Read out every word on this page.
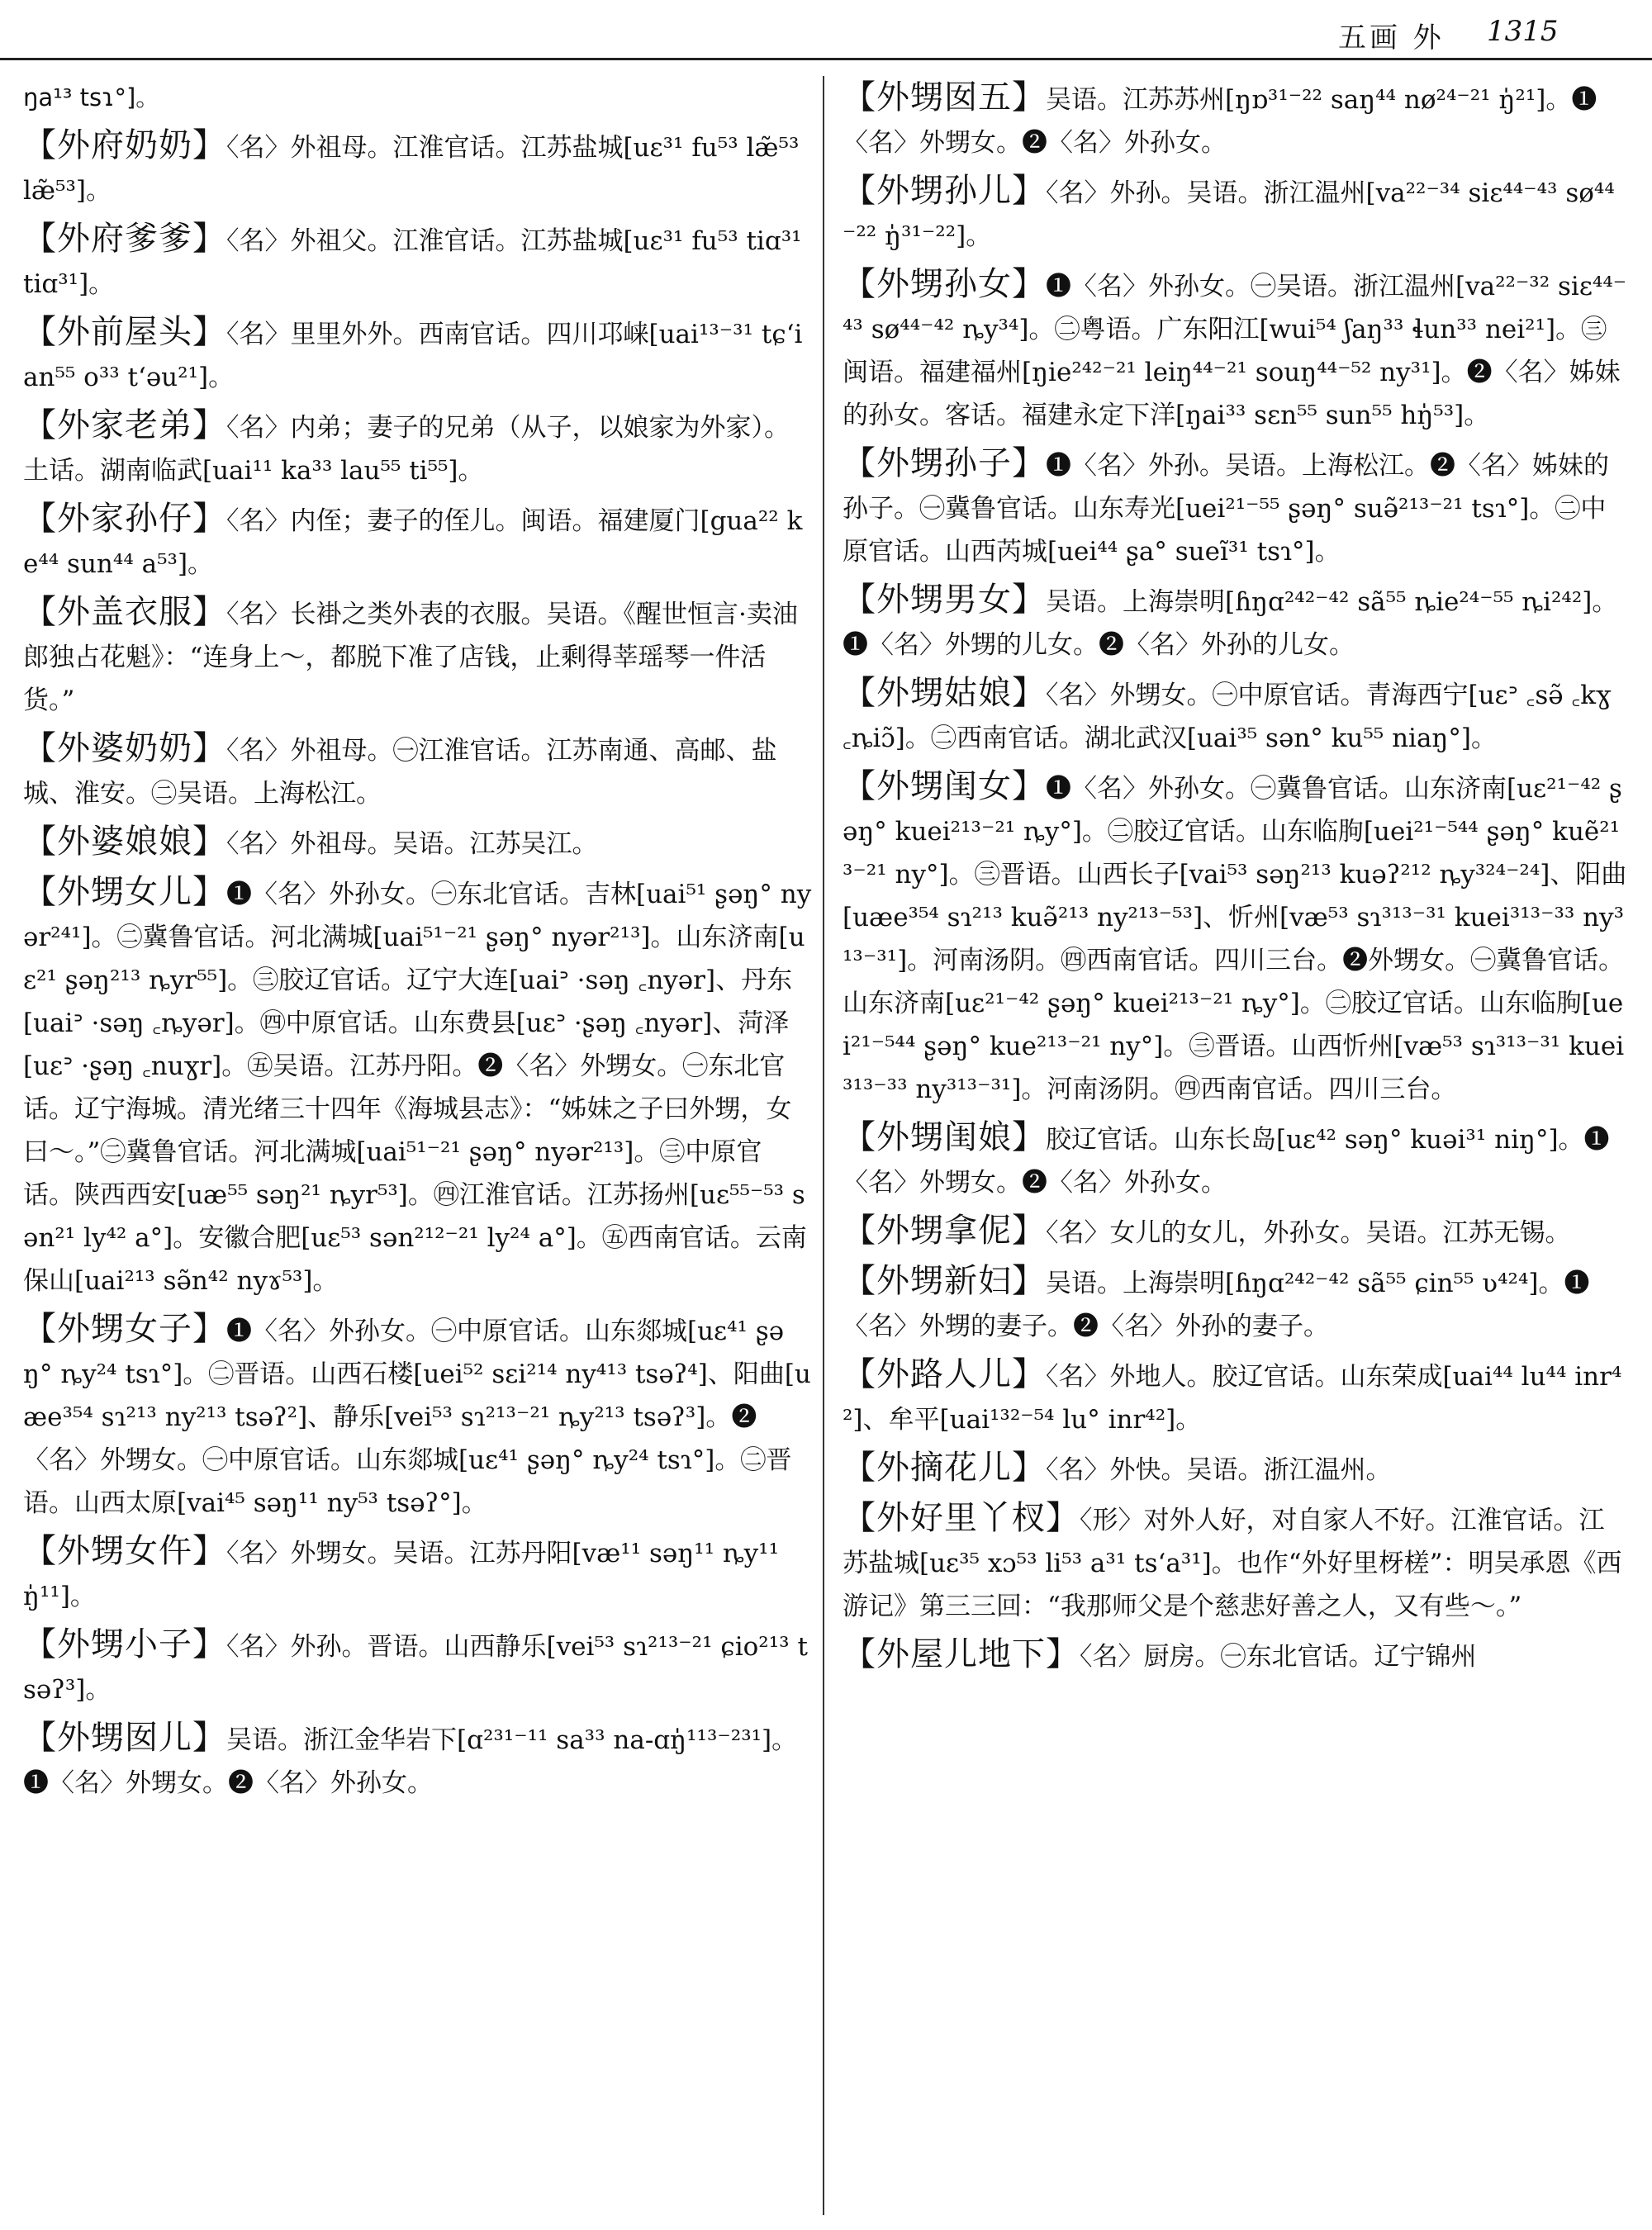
五画 外 1315
ŋa¹³ tsɿ°]。
【外府奶奶】〈名〉外祖母。江淮官话。江苏盐城[uɛ³¹ fu⁵³ læ̃⁵³ læ̃⁵³]。
【外府爹爹】〈名〉外祖父。江淮官话。江苏盐城[uɛ³¹ fu⁵³ tiɑ³¹ tiɑ³¹]。
【外前屋头】〈名〉里里外外。西南官话。四川邛崃[uai¹³⁻³¹ tɕʻian⁵⁵ o³³ tʻəu²¹]。
【外家老弟】〈名〉内弟；妻子的兄弟（从子，以娘家为外家）。土话。湖南临武[uai¹¹ ka³³ lau⁵⁵ ti⁵⁵]。
【外家孙仔】〈名〉内侄；妻子的侄儿。闽语。福建厦门[gua²² ke⁴⁴ sun⁴⁴ a⁵³]。
【外盖衣服】〈名〉长褂之类外表的衣服。吴语。《醒世恒言·卖油郎独占花魁》：“连身上～，都脱下准了店钱，止剩得莘瑶琴一件活货。”
【外婆奶奶】〈名〉外祖母。㊀江淮官话。江苏南通、高邮、盐城、淮安。㊁吴语。上海松江。
【外婆娘娘】〈名〉外祖母。吴语。江苏吴江。
【外甥女儿】❶〈名〉外孙女。㊀东北官话。吉林[uai⁵¹ ʂəŋ° nyər²⁴¹]。㊁冀鲁官话。河北满城[uai⁵¹⁻²¹ ʂəŋ° nyər²¹³]。山东济南[uɛ²¹ ʂəŋ²¹³ ȵyr⁵⁵]。㊂胶辽官话。辽宁大连[uaiᐣ ·səŋ ꜀nyər]、丹东[uaiᐣ ·səŋ ꜀ȵyər]。㊃中原官话。山东费县[uɛᐣ ·ʂəŋ ꜀nyər]、菏泽[uɛᐣ ·ʂəŋ ꜀nuɣr]。㊄吴语。江苏丹阳。❷〈名〉外甥女。㊀东北官话。辽宁海城。清光绪三十四年《海城县志》：“姊妹之子曰外甥，女曰～。”㊁冀鲁官话。河北满城[uai⁵¹⁻²¹ ʂəŋ° nyər²¹³]。㊂中原官话。陕西西安[uæ⁵⁵ səŋ²¹ ȵyr⁵³]。㊃江淮官话。江苏扬州[uɛ⁵⁵⁻⁵³ sən²¹ ly⁴² a°]。安徽合肥[uɛ⁵³ sən²¹²⁻²¹ ly²⁴ a°]。㊄西南官话。云南保山[uai²¹³ sə̃n⁴² nyɤ⁵³]。
【外甥女子】❶〈名〉外孙女。㊀中原官话。山东郯城[uɛ⁴¹ ʂəŋ° ȵy²⁴ tsɿ°]。㊁晋语。山西石楼[uei⁵² sɛi²¹⁴ ny⁴¹³ tsəʔ⁴]、阳曲[uæe³⁵⁴ sɿ²¹³ ny²¹³ tsəʔ²]、静乐[vei⁵³ sɿ²¹³⁻²¹ ȵy²¹³ tsəʔ³]。❷〈名〉外甥女。㊀中原官话。山东郯城[uɛ⁴¹ ʂəŋ° ȵy²⁴ tsɿ°]。㊁晋语。山西太原[vai⁴⁵ səŋ¹¹ ny⁵³ tsəʔ°]。
【外甥女仵】〈名〉外甥女。吴语。江苏丹阳[væ¹¹ səŋ¹¹ ȵy¹¹ ŋ̍¹¹]。
【外甥小子】〈名〉外孙。晋语。山西静乐[vei⁵³ sɿ²¹³⁻²¹ ɕio²¹³ tsəʔ³]。
【外甥囡儿】吴语。浙江金华岩下[ɑ²³¹⁻¹¹ sa³³ na-ɑŋ̍¹¹³⁻²³¹]。❶〈名〉外甥女。❷〈名〉外孙女。
【外甥囡五】吴语。江苏苏州[ŋɒ³¹⁻²² saŋ⁴⁴ nø²⁴⁻²¹ ŋ̍²¹]。❶〈名〉外甥女。❷〈名〉外孙女。
【外甥孙儿】〈名〉外孙。吴语。浙江温州[va²²⁻³⁴ siɛ⁴⁴⁻⁴³ sø⁴⁴⁻²² ŋ̍³¹⁻²²]。
【外甥孙女】❶〈名〉外孙女。㊀吴语。浙江温州[va²²⁻³² siɛ⁴⁴⁻⁴³ sø⁴⁴⁻⁴² ȵy³⁴]。㊁粤语。广东阳江[wui⁵⁴ ʃaŋ³³ ɬun³³ nei²¹]。㊂闽语。福建福州[ŋie²⁴²⁻²¹ leiŋ⁴⁴⁻²¹ souŋ⁴⁴⁻⁵² ny³¹]。❷〈名〉姊妹的孙女。客话。福建永定下洋[ŋai³³ sɛn⁵⁵ sun⁵⁵ hŋ̍⁵³]。
【外甥孙子】❶〈名〉外孙。吴语。上海松江。❷〈名〉姊妹的孙子。㊀冀鲁官话。山东寿光[uei²¹⁻⁵⁵ ʂəŋ° suə̃²¹³⁻²¹ tsɿ°]。㊁中原官话。山西芮城[uei⁴⁴ ʂa° sueĩ³¹ tsɿ°]。
【外甥男女】吴语。上海崇明[ɦŋɑ²⁴²⁻⁴² sã⁵⁵ ȵie²⁴⁻⁵⁵ ȵi²⁴²]。❶〈名〉外甥的儿女。❷〈名〉外孙的儿女。
【外甥姑娘】〈名〉外甥女。㊀中原官话。青海西宁[uɛᐣ ꜀sə̃ ꜀kɣ ꜀ȵiɔ̃]。㊁西南官话。湖北武汉[uai³⁵ sən° ku⁵⁵ niaŋ°]。
【外甥闺女】❶〈名〉外孙女。㊀冀鲁官话。山东济南[uɛ²¹⁻⁴² ʂəŋ° kuei²¹³⁻²¹ ȵy°]。㊁胶辽官话。山东临朐[uei²¹⁻⁵⁴⁴ ʂəŋ° kuẽ²¹³⁻²¹ ny°]。㊂晋语。山西长子[vai⁵³ səŋ²¹³ kuəʔ²¹² ȵy³²⁴⁻²⁴]、阳曲[uæe³⁵⁴ sɿ²¹³ kuə̃²¹³ ny²¹³⁻⁵³]、忻州[væ⁵³ sɿ³¹³⁻³¹ kuei³¹³⁻³³ ny³¹³⁻³¹]。河南汤阴。㊃西南官话。四川三台。❷外甥女。㊀冀鲁官话。山东济南[uɛ²¹⁻⁴² ʂəŋ° kuei²¹³⁻²¹ ȵy°]。㊁胶辽官话。山东临朐[uei²¹⁻⁵⁴⁴ ʂəŋ° kue²¹³⁻²¹ ny°]。㊂晋语。山西忻州[væ⁵³ sɿ³¹³⁻³¹ kuei³¹³⁻³³ ny³¹³⁻³¹]。河南汤阴。㊃西南官话。四川三台。
【外甥闺娘】胶辽官话。山东长岛[uɛ⁴² səŋ° kuəi³¹ niŋ°]。❶〈名〉外甥女。❷〈名〉外孙女。
【外甥拿伲】〈名〉女儿的女儿，外孙女。吴语。江苏无锡。
【外甥新妇】吴语。上海崇明[ɦŋɑ²⁴²⁻⁴² sã⁵⁵ ɕin⁵⁵ ʋ⁴²⁴]。❶〈名〉外甥的妻子。❷〈名〉外孙的妻子。
【外路人儿】〈名〉外地人。胶辽官话。山东荣成[uai⁴⁴ lu⁴⁴ inr⁴²]、牟平[uai¹³²⁻⁵⁴ lu° inr⁴²]。
【外摘花儿】〈名〉外快。吴语。浙江温州。
【外好里丫杈】〈形〉对外人好，对自家人不好。江淮官话。江苏盐城[uɛ³⁵ xɔ⁵³ li⁵³ a³¹ tsʻa³¹]。也作“外好里枒槎”：明吴承恩《西游记》第三三回：“我那师父是个慈悲好善之人，又有些～。”
【外屋儿地下】〈名〉厨房。㊀东北官话。辽宁锦州
